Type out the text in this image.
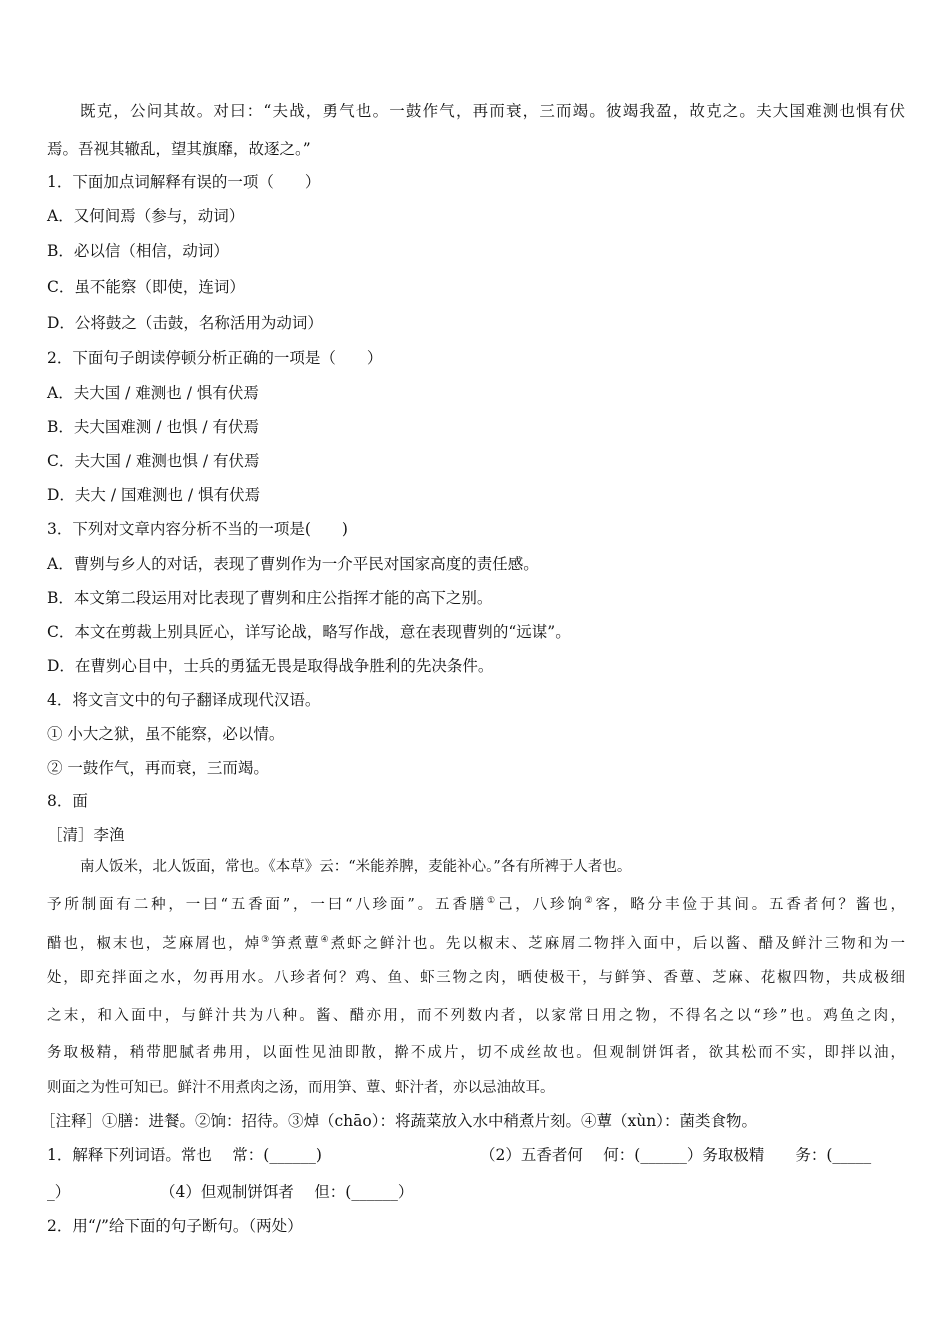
既克，公问其故。对曰：“夫战，勇气也。一鼓作气，再而衰，三而竭。彼竭我盈，故克之。夫大国难测也惧有伏
焉。吾视其辙乱，望其旗靡，故逐之。”
1．下面加点词解释有误的一项（　　）
A．又何间焉（参与，动词）
B．必以信（相信，动词）
C．虽不能察（即使，连词）
D．公将鼓之（击鼓，名称活用为动词）
2．下面句子朗读停顿分析正确的一项是（　　）
A．夫大国 / 难测也 / 惧有伏焉
B．夫大国难测 / 也惧 / 有伏焉
C．夫大国 / 难测也惧 / 有伏焉
D．夫大 / 国难测也 / 惧有伏焉
3．下列对文章内容分析不当的一项是(　　)
A．曹刿与乡人的对话，表现了曹刿作为一介平民对国家高度的责任感。
B．本文第二段运用对比表现了曹刿和庄公指挥才能的高下之别。
C．本文在剪裁上别具匠心，详写论战，略写作战，意在表现曹刿的“远谋”。
D．在曹刿心目中，士兵的勇猛无畏是取得战争胜利的先决条件。
4．将文言文中的句子翻译成现代汉语。
① 小大之狱，虽不能察，必以情。
② 一鼓作气，再而衰，三而竭。
8．面
［清］李渔
南人饭米，北人饭面，常也。《本草》云：“米能养脾，麦能补心。”各有所裨于人者也。
予所制面有二种，一曰“五香面”，一曰“八珍面”。五香膳①己，八珍饷②客，略分丰俭于其间。五香者何？酱也，
醋也，椒末也，芝麻屑也，焯③笋煮蕈④煮虾之鲜汁也。先以椒末、芝麻屑二物拌入面中，后以酱、醋及鲜汁三物和为一
处，即充拌面之水，勿再用水。八珍者何？鸡、鱼、虾三物之肉，晒使极干，与鲜笋、香蕈、芝麻、花椒四物，共成极细
之末，和入面中，与鲜汁共为八种。酱、醋亦用，而不列数内者，以家常日用之物，不得名之以“珍”也。鸡鱼之肉，
务取极精，稍带肥腻者弗用，以面性见油即散，擀不成片，切不成丝故也。但观制饼饵者，欲其松而不实，即拌以油，
则面之为性可知已。鲜汁不用煮肉之汤，而用笋、蕈、虾汁者，亦以忌油故耳。
［注释］①膳：进餐。②饷：招待。③焯（chāo）：将蔬菜放入水中稍煮片刻。④蕈（xùn）：菌类食物。
1．解释下列词语。常也　 常：(______)	（2）五香者何　 何：(______）务取极精　　务：(_____
_）	（4）但观制饼饵者　 但：(______）
2．用“/”给下面的句子断句。（两处）
